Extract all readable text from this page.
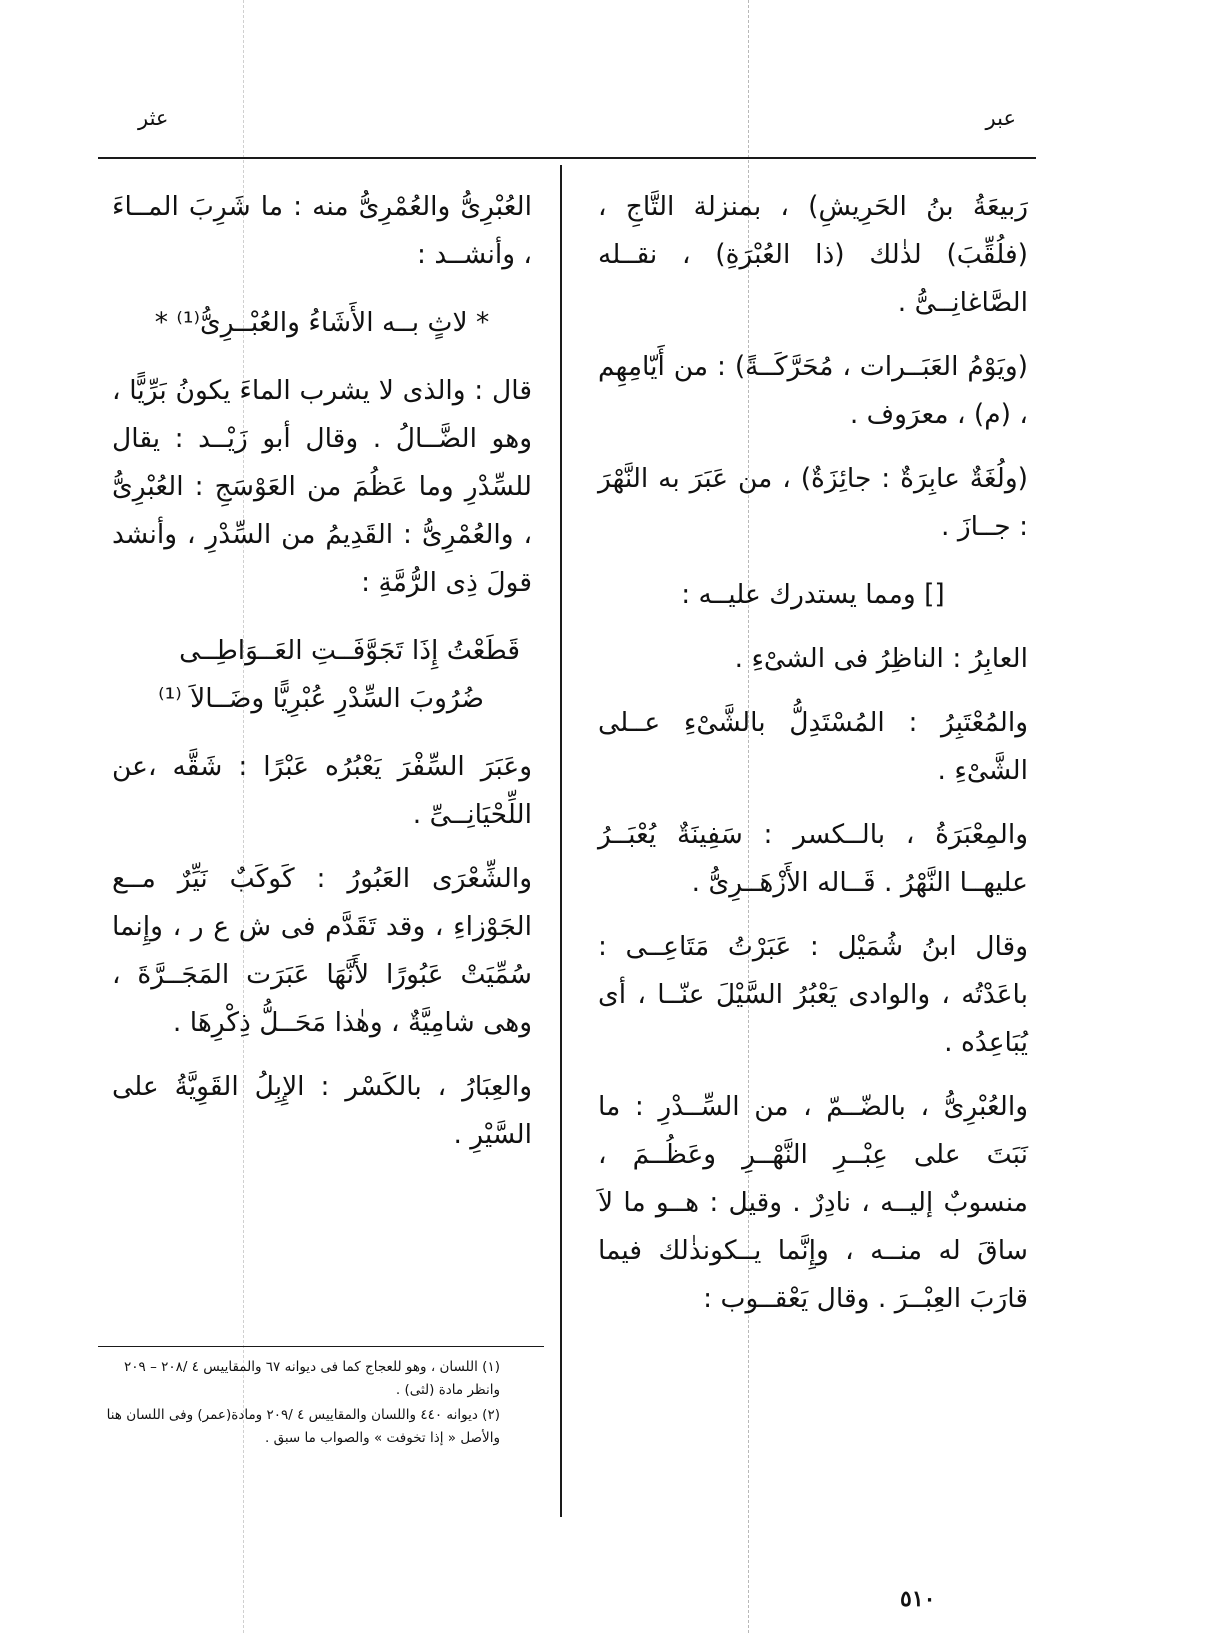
عبر
عثر

رَبيعَةُ بنُ الحَرِيشِ) ، بمنزلة التَّاجِ ، (فلُقِّبَ) لذٰلك (ذا العُبْرَةِ) ، نقــله الصَّاغانِــىُّ .

(ويَوْمُ العَبَــرات ، مُحَرَّكَــةً) : من أَيّامِهِم ، (م) ، معرَوف .

(ولُغَةٌ عابِرَةٌ : جائِزَةٌ) ، من عَبَرَ به النَّهْرَ : جــازَ .

[] ومما يستدرك عليــه :

العابِرُ : الناظِرُ فى الشىْءِ .

والمُعْتَبِرُ : المُسْتَدِلُّ بالشَّىْءِ عــلى الشَّىْءِ .

والمِعْبَرَةُ ، بالــكسر : سَفِينَةٌ يُعْبَــرُ عليهــا النَّهْرُ . قَــاله الأَزْهَــرِىُّ .

وقال ابنُ شُمَيْل : عَبَرْتُ مَتَاعِــى : باعَدْتُه ، والوادى يَعْبُرُ السَّيْلَ عنّــا ، أى يُبَاعِدُه .

والعُبْرِىُّ ، بالضّــمّ ، من السِّــدْرِ : ما نَبَتَ على عِبْــرِ النَّهْــرِ وعَظُــمَ ، منسوبٌ إليــه ، نادِرٌ . وقيل : هــو ما لاَ ساقَ له منــه ، وإِنَّما يــكونذٰلك فيما قارَبَ العِبْــرَ . وقال يَعْقــوب :

العُبْرِىُّ والعُمْرِىُّ منه : ما شَرِبَ المــاءَ ، وأنشــد :

* لاثٍ بــه الأَشَاءُ والعُبْــرِىُّ⁽¹⁾ *

قال : والذى لا يشرب الماءَ يكونُ بَرِّيًّا ، وهو الضَّــالُ . وقال أبو زَيْــد : يقال للسِّدْرِ وما عَظُمَ من العَوْسَجِ : العُبْرِىُّ ، والعُمْرِىُّ : القَدِيمُ من السِّدْرِ ، وأنشد قولَ ذِى الرُّمَّةِ :

قَطَعْتُ إِذَا تَجَوَّفَــتِ العَــوَاطِــى

ضُرُوبَ السِّدْرِ عُبْرِيًّا وضَــالاَ ⁽¹⁾

وعَبَرَ السِّفْرَ يَعْبُرُه عَبْرًا : شَقَّه ،عن اللِّحْيَانِــىِّ .

والشِّعْرَى العَبُورُ : كَوكَبٌ نَيِّرٌ مــع الجَوْزاءِ ، وقد تَقَدَّم فى ش ع ر ، وإِنما سُمِّيَتْ عَبُورًا لأَنَّهَا عَبَرَت المَجَــرَّةَ ، وهى شامِيَّةٌ ، وهٰذا مَحَــلُّ ذِكْرِهَا .

والعِبَارُ ، بالكَسْر : الإِبِلُ القَوِيَّةُ على السَّيْرِ .

(١) اللسان ، وهو للعجاج كما فى ديوانه ٦٧ والمقاييس ٤ /٢٠٨ – ٢٠٩ وانظر مادة (لثى) .

(٢) ديوانه ٤٤٠ واللسان والمقاييس ٤ /٢٠٩ ومادة(عمر) وفى اللسان هنا والأصل « إذا تخوفت » والصواب ما سبق .

٥١٠
